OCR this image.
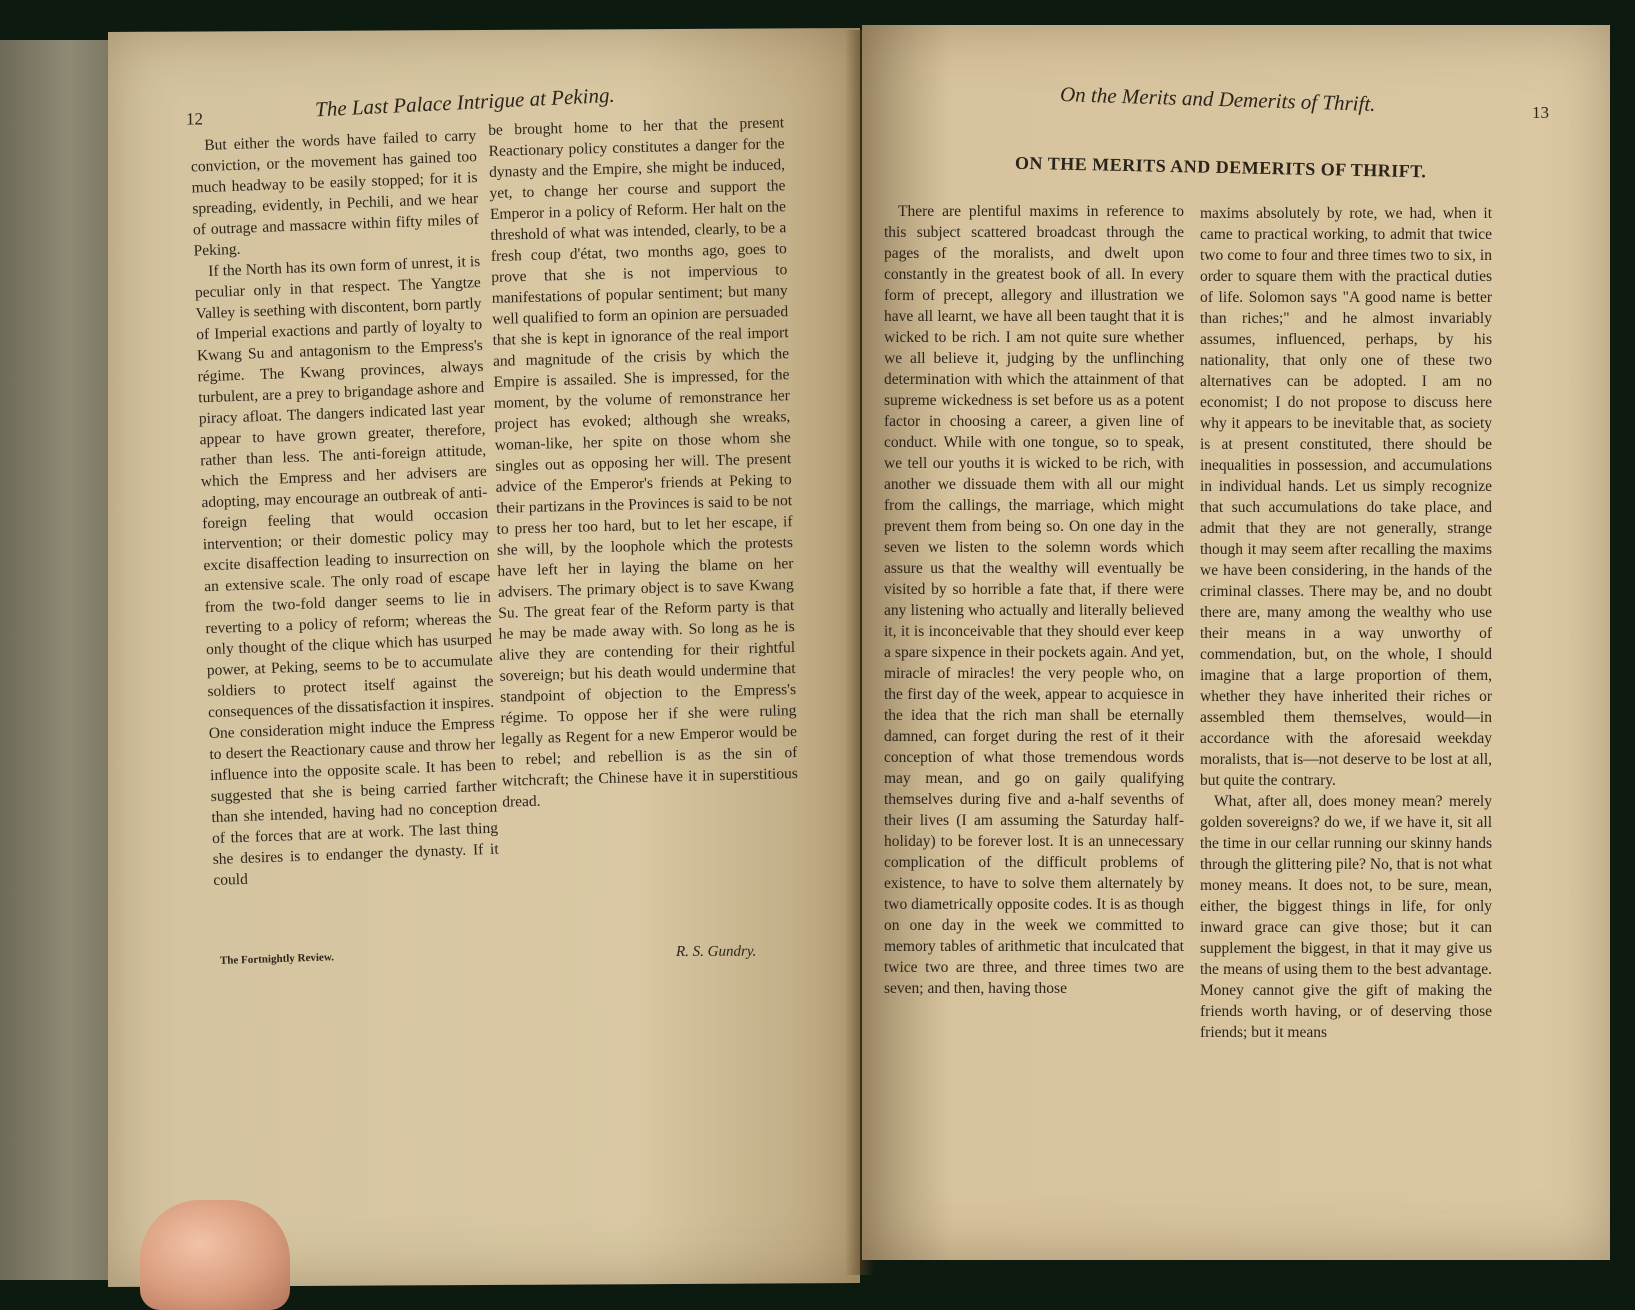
12	The Last Palace Intrigue at Peking.

But either the words have failed to carry conviction, or the movement has gained too much headway to be easily stopped; for it is spreading, evidently, in Pechili, and we hear of outrage and massacre within fifty miles of Peking.

If the North has its own form of unrest, it is peculiar only in that respect. The Yangtze Valley is seething with discontent, born partly of Imperial exactions and partly of loyalty to Kwang Su and antagonism to the Empress's régime. The Kwang provinces, always turbulent, are a prey to brigandage ashore and piracy afloat. The dangers indicated last year appear to have grown greater, therefore, rather than less. The anti-foreign attitude, which the Empress and her advisers are adopting, may encourage an outbreak of anti-foreign feeling that would occasion intervention; or their domestic policy may excite disaffection leading to insurrection on an extensive scale. The only road of escape from the two-fold danger seems to lie in reverting to a policy of reform; whereas the only thought of the clique which has usurped power, at Peking, seems to be to accumulate soldiers to protect itself against the consequences of the dissatisfaction it inspires. One consideration might induce the Empress to desert the Reactionary cause and throw her influence into the opposite scale. It has been suggested that she is being carried farther than she intended, having had no conception of the forces that are at work. The last thing she desires is to endanger the dynasty. If it could

be brought home to her that the present Reactionary policy constitutes a danger for the dynasty and the Empire, she might be induced, yet, to change her course and support the Emperor in a policy of Reform. Her halt on the threshold of what was intended, clearly, to be a fresh coup d'état, two months ago, goes to prove that she is not impervious to manifestations of popular sentiment; but many well qualified to form an opinion are persuaded that she is kept in ignorance of the real import and magnitude of the crisis by which the Empire is assailed. She is impressed, for the moment, by the volume of remonstrance her project has evoked; although she wreaks, woman-like, her spite on those whom she singles out as opposing her will. The present advice of the Emperor's friends at Peking to their partizans in the Provinces is said to be not to press her too hard, but to let her escape, if she will, by the loophole which the protests have left her in laying the blame on her advisers. The primary object is to save Kwang Su. The great fear of the Reform party is that he may be made away with. So long as he is alive they are contending for their rightful sovereign; but his death would undermine that standpoint of objection to the Empress's régime. To oppose her if she were ruling legally as Regent for a new Emperor would be to rebel; and rebellion is as the sin of witchcraft; the Chinese have it in superstitious dread.

R. S. Gundry.
The Fortnightly Review.
On the Merits and Demerits of Thrift.	13
ON THE MERITS AND DEMERITS OF THRIFT.

There are plentiful maxims in reference to this subject scattered broadcast through the pages of the moralists, and dwelt upon constantly in the greatest book of all. In every form of precept, allegory and illustration we have all learnt, we have all been taught that it is wicked to be rich. I am not quite sure whether we all believe it, judging by the unflinching determination with which the attainment of that supreme wickedness is set before us as a potent factor in choosing a career, a given line of conduct. While with one tongue, so to speak, we tell our youths it is wicked to be rich, with another we dissuade them with all our might from the callings, the marriage, which might prevent them from being so. On one day in the seven we listen to the solemn words which assure us that the wealthy will eventually be visited by so horrible a fate that, if there were any listening who actually and literally believed it, it is inconceivable that they should ever keep a spare sixpence in their pockets again. And yet, miracle of miracles! the very people who, on the first day of the week, appear to acquiesce in the idea that the rich man shall be eternally damned, can forget during the rest of it their conception of what those tremendous words may mean, and go on gaily qualifying themselves during five and a-half sevenths of their lives (I am assuming the Saturday half-holiday) to be forever lost. It is an unnecessary complication of the difficult problems of existence, to have to solve them alternately by two diametrically opposite codes. It is as though on one day in the week we committed to memory tables of arithmetic that inculcated that twice two are three, and three times two are seven; and then, having those

maxims absolutely by rote, we had, when it came to practical working, to admit that twice two come to four and three times two to six, in order to square them with the practical duties of life. Solomon says "A good name is better than riches;" and he almost invariably assumes, influenced, perhaps, by his nationality, that only one of these two alternatives can be adopted. I am no economist; I do not propose to discuss here why it appears to be inevitable that, as society is at present constituted, there should be inequalities in possession, and accumulations in individual hands. Let us simply recognize that such accumulations do take place, and admit that they are not generally, strange though it may seem after recalling the maxims we have been considering, in the hands of the criminal classes. There may be, and no doubt there are, many among the wealthy who use their means in a way unworthy of commendation, but, on the whole, I should imagine that a large proportion of them, whether they have inherited their riches or assembled them themselves, would—in accordance with the aforesaid weekday moralists, that is—not deserve to be lost at all, but quite the contrary.

What, after all, does money mean? merely golden sovereigns? do we, if we have it, sit all the time in our cellar running our skinny hands through the glittering pile? No, that is not what money means. It does not, to be sure, mean, either, the biggest things in life, for only inward grace can give those; but it can supplement the biggest, in that it may give us the means of using them to the best advantage. Money cannot give the gift of making the friends worth having, or of deserving those friends; but it means
